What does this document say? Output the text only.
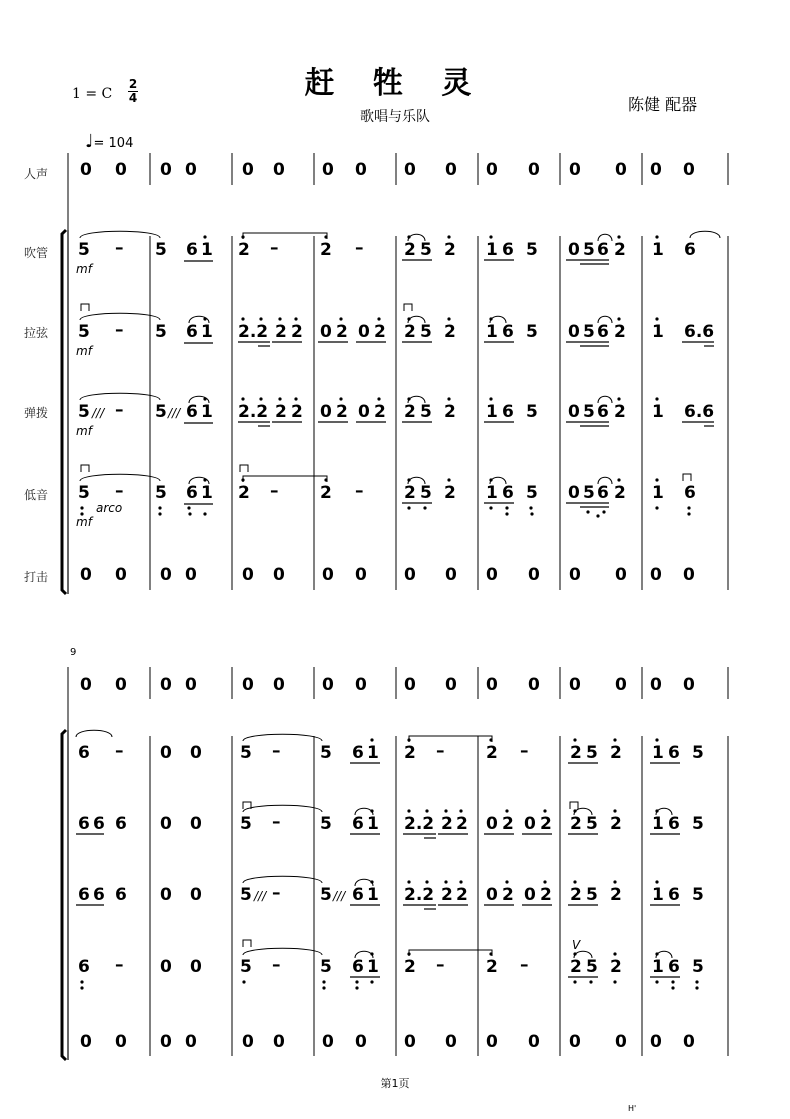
赶 牲 灵
歌唱与乐队
陈健 配器
1 = C
2
4
♩= 104
人声
吹管
拉弦
弹拨
低音
打击
9
第1页
H'
0 0 0 0	0 0 0 0 0 0 0 0 0 0 0 0
0 0 0 0	0 0 0 0 0 0 0 0 0 0 0 0
5 – 5 6 1 2 – 2 – 2 5 2 1 6 5 0 5 6 2 1 6
5 – 5 6 1 2.2 2 2 0 2 0 2 2 5 2 1 6 5 0 5 6 2 1 6.6
5 –
///	5 /// 6 1 2.2 2 2 0 2 0 2 2 5 2 1 6 5 0 5 6 2 1 6.6
5 – 5 6 1 2 – 2 – 2 5 2 1 6 5 0 5 6 2 1 6
mf
mf
mf
mf
arco
0 0 0 0	0 0 0 0 0 0 0 0 0 0 0 0
0 0 0 0	0 0 0 0 0 0 0 0 0 0 0 0
6 – 0 0 5 – 5 6 1 2 – 2 – 2 5 2 1 6 5
6 6 6 0 0 5 – 5 6 1 2.2 2 2 0 2 0 2 2 5 2 1 6 5
6 6 6 0 0 5 –
///	///
5 6 1 2.2 2 2 0 2 0 2 2 5 2 1 6 5
6 – 0 0 5 – 5 6 1 2 – 2 – 2 5 2 1 6 5
V
